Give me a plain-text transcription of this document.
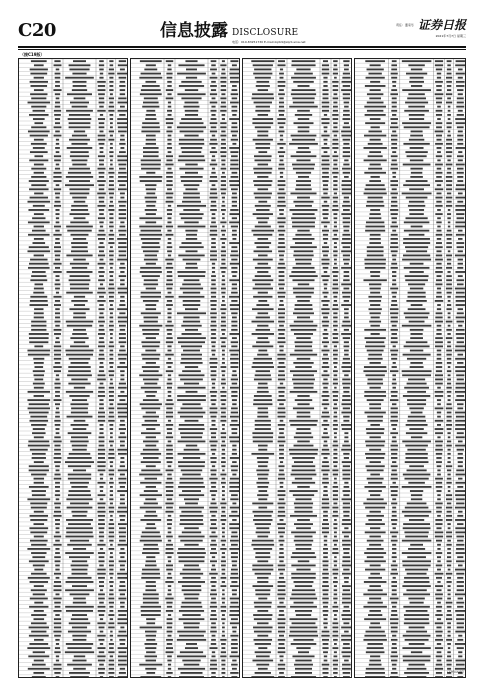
C20	信息披露 DISCLOSURE
责任：董家乐 证券日报
2021年7月7日 星期三
电话：010-83251730 E-mail:zqrb9@zqrb.sina.net
（接C19版）
（下转C21版）
